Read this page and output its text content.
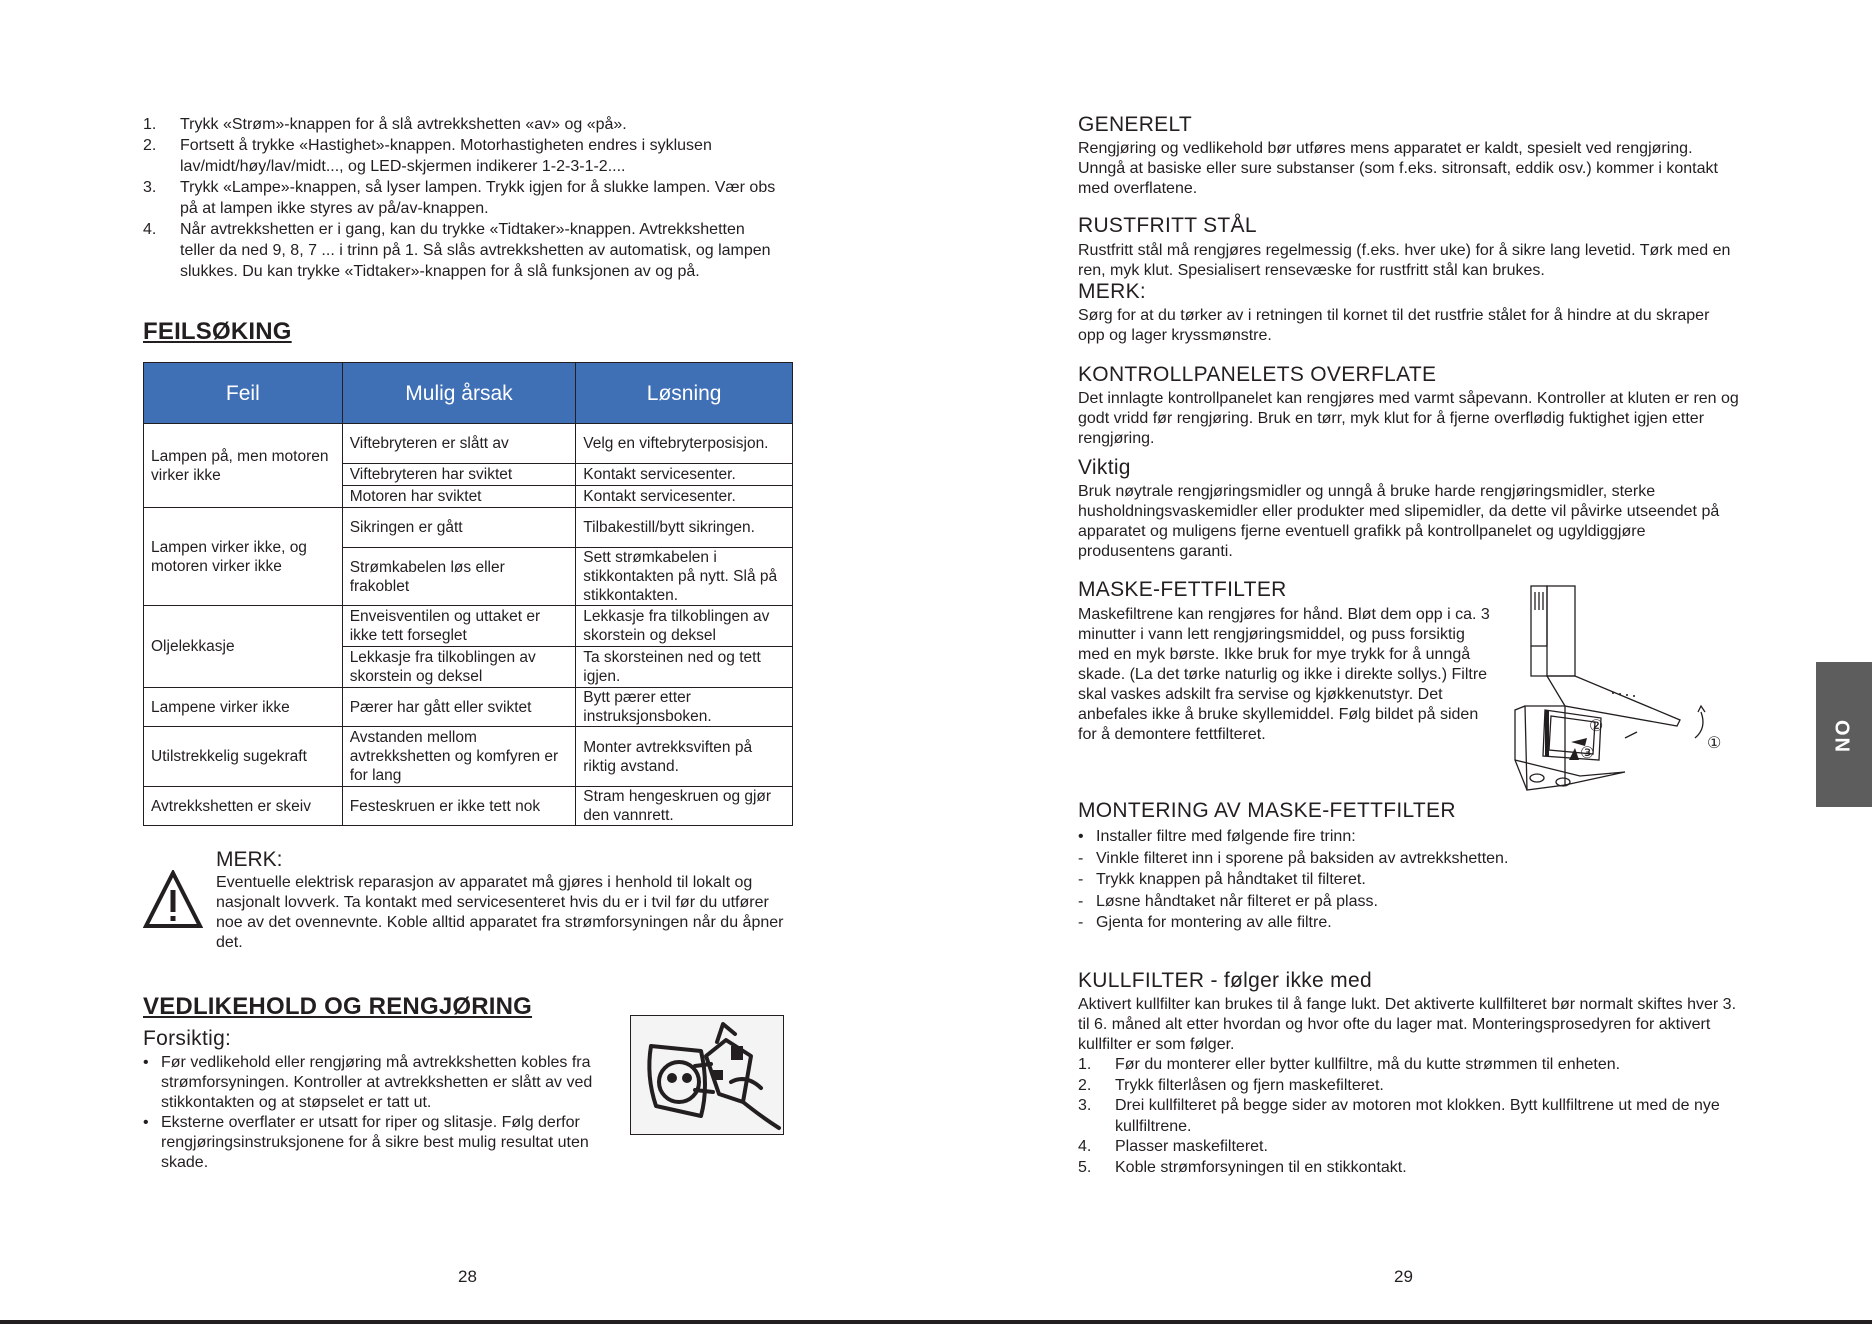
1. Trykk «Strøm»-knappen for å slå avtrekkshetten «av» og «på».
2. Fortsett å trykke «Hastighet»-knappen. Motorhastigheten endres i syklusen lav/midt/høy/lav/midt..., og LED-skjermen indikerer 1-2-3-1-2....
3. Trykk «Lampe»-knappen, så lyser lampen. Trykk igjen for å slukke lampen. Vær obs på at lampen ikke styres av på/av-knappen.
4. Når avtrekkshetten er i gang, kan du trykke «Tidtaker»-knappen. Avtrekkshetten teller da ned 9, 8, 7 ... i trinn på 1. Så slås avtrekkshetten av automatisk, og lampen slukkes. Du kan trykke «Tidtaker»-knappen for å slå funksjonen av og på.
FEILSØKING
Feil	Mulig årsak	Løsning
Lampen på, men motoren virker ikke	Viftebryteren er slått av	Velg en viftebryterposisjon.
	Viftebryteren har sviktet	Kontakt servicesenter.
	Motoren har sviktet	Kontakt servicesenter.
Lampen virker ikke, og motoren virker ikke	Sikringen er gått	Tilbakestill/bytt sikringen.
	Strømkabelen løs eller frakoblet	Sett strømkabelen i stikkontakten på nytt. Slå på stikkontakten.
Oljelekkasje	Enveisventilen og uttaket er ikke tett forseglet	Lekkasje fra tilkoblingen av skorstein og deksel
	Lekkasje fra tilkoblingen av skorstein og deksel	Ta skorsteinen ned og tett igjen.
Lampene virker ikke	Pærer har gått eller sviktet	Bytt pærer etter instruksjonsboken.
Utilstrekkelig sugekraft	Avstanden mellom avtrekkshetten og komfyren er for lang	Monter avtrekksviften på riktig avstand.
Avtrekkshetten er skeiv	Festeskruen er ikke tett nok	Stram hengeskruen og gjør den vannrett.

MERK:

Eventuelle elektrisk reparasjon av apparatet må gjøres i henhold til lokalt og nasjonalt lovverk. Ta kontakt med servicesenteret hvis du er i tvil før du utfører noe av det ovennevnte. Koble alltid apparatet fra strømforsyningen når du åpner det.

VEDLIKEHOLD OG RENGJØRING

Forsiktig:

• Før vedlikehold eller rengjøring må avtrekkshetten kobles fra strømforsyningen. Kontroller at avtrekkshetten er slått av ved stikkontakten og at støpselet er tatt ut.
• Eksterne overflater er utsatt for riper og slitasje. Følg derfor rengjøringsinstruksjonene for å sikre best mulig resultat uten skade.
28

GENERELT

Rengjøring og vedlikehold bør utføres mens apparatet er kaldt, spesielt ved rengjøring. Unngå at basiske eller sure substanser (som f.eks. sitronsaft, eddik osv.) kommer i kontakt med overflatene.

RUSTFRITT STÅL

Rustfritt stål må rengjøres regelmessig (f.eks. hver uke) for å sikre lang levetid. Tørk med en ren, myk klut. Spesialisert rensevæske for rustfritt stål kan brukes.

MERK:

Sørg for at du tørker av i retningen til kornet til det rustfrie stålet for å hindre at du skraper opp og lager kryssmønstre.

KONTROLLPANELETS OVERFLATE

Det innlagte kontrollpanelet kan rengjøres med varmt såpevann. Kontroller at kluten er ren og godt vridd før rengjøring. Bruk en tørr, myk klut for å fjerne overflødig fuktighet igjen etter rengjøring.

Viktig

Bruk nøytrale rengjøringsmidler og unngå å bruke harde rengjøringsmidler, sterke husholdningsvaskemidler eller produkter med slipemidler, da dette vil påvirke utseendet på apparatet og muligens fjerne eventuell grafikk på kontrollpanelet og ugyldiggjøre produsentens garanti.

MASKE-FETTFILTER

Maskefiltrene kan rengjøres for hånd. Bløt dem opp i ca. 3 minutter i vann lett rengjøringsmiddel, og puss forsiktig med en myk børste. Ikke bruk for mye trykk for å unngå skade. (La det tørke naturlig og ikke i direkte sollys.) Filtre skal vaskes adskilt fra servise og kjøkkenutstyr. Det anbefales ikke å bruke skyllemiddel. Følg bildet på siden for å demontere fettfilteret.	①
②
③

MONTERING AV MASKE-FETTFILTER

• Installer filtre med følgende fire trinn:
- Vinkle filteret inn i sporene på baksiden av avtrekkshetten.
- Trykk knappen på håndtaket til filteret.
- Løsne håndtaket når filteret er på plass.
- Gjenta for montering av alle filtre.

KULLFILTER - følger ikke med

Aktivert kullfilter kan brukes til å fange lukt. Det aktiverte kullfilteret bør normalt skiftes hver 3. til 6. måned alt etter hvordan og hvor ofte du lager mat. Monteringsprosedyren for aktivert kullfilter er som følger.

1. Før du monterer eller bytter kullfiltre, må du kutte strømmen til enheten.
2. Trykk filterlåsen og fjern maskefilteret.
3. Drei kullfilteret på begge sider av motoren mot klokken. Bytt kullfiltrene ut med de nye kullfiltrene.
4. Plasser maskefilteret.
5. Koble strømforsyningen til en stikkontakt.
29
NO
